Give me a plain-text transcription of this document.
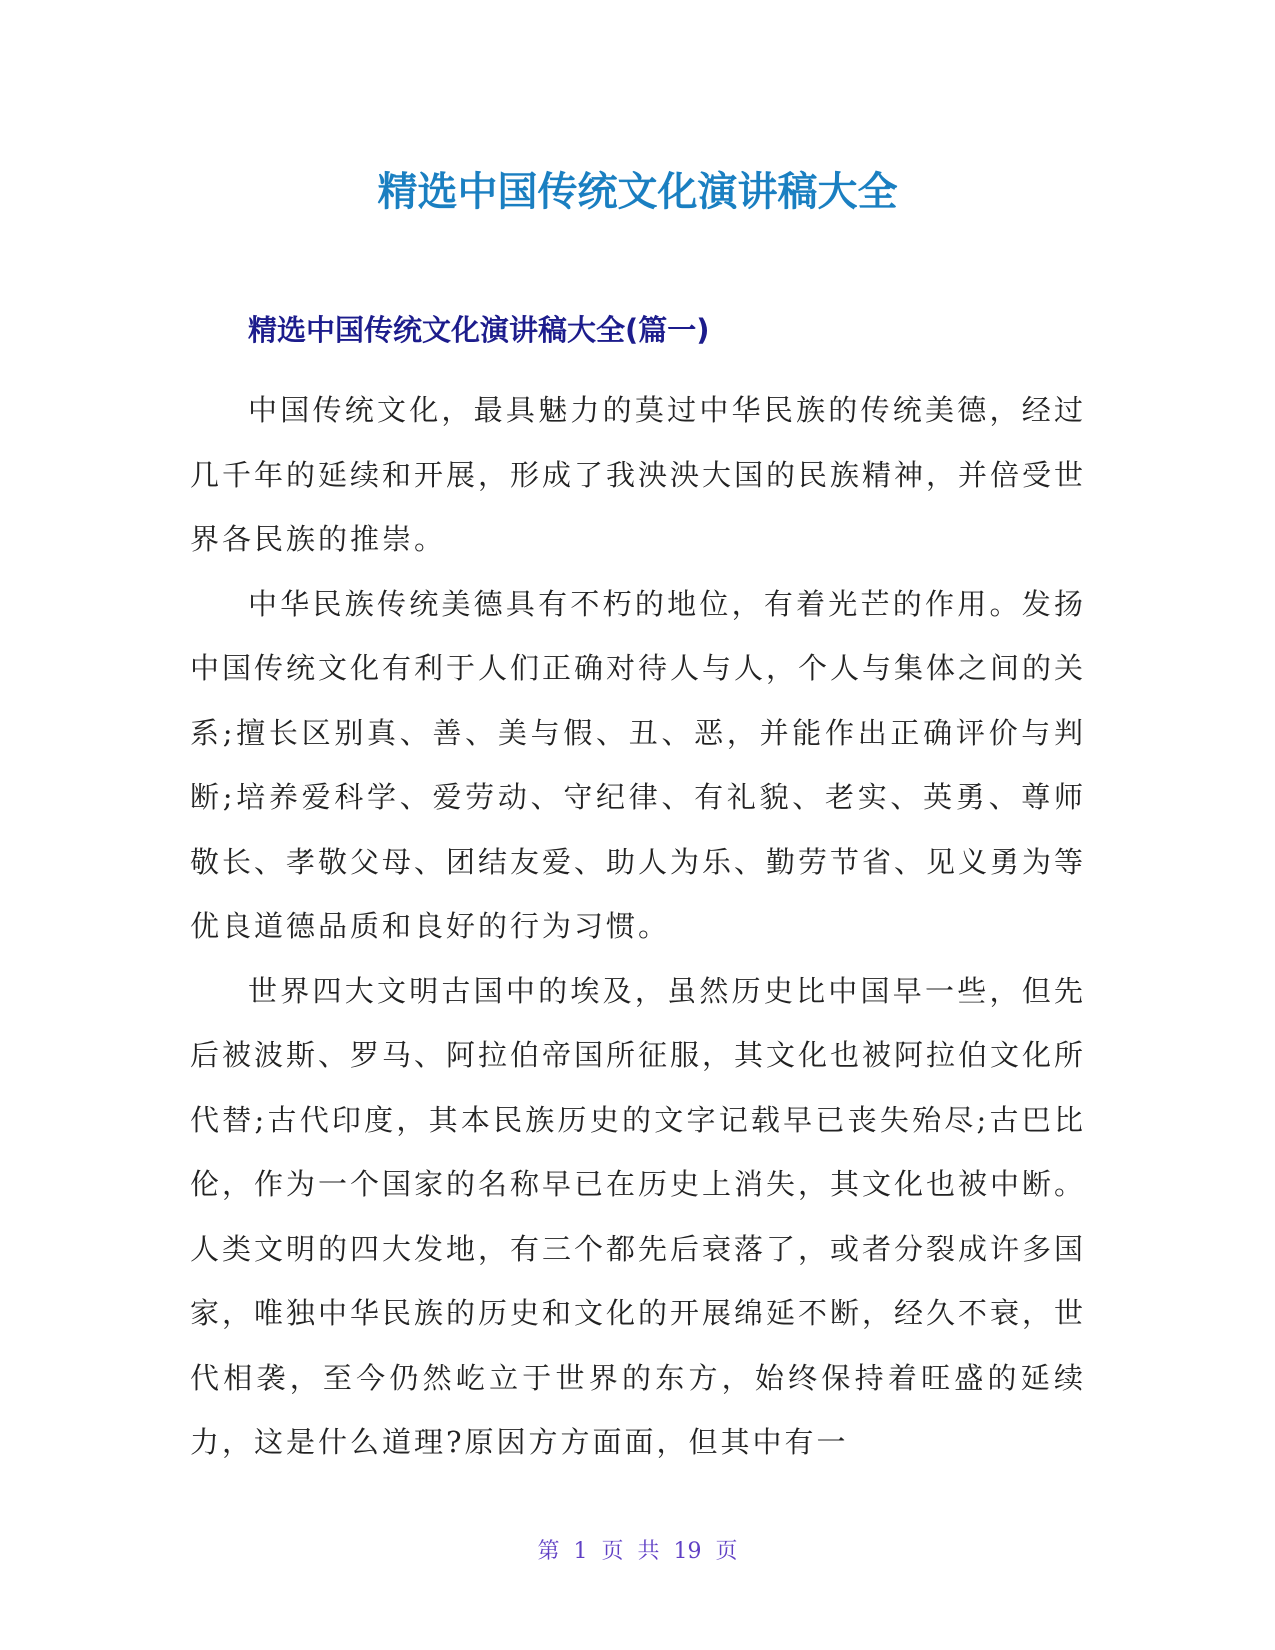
精选中国传统文化演讲稿大全
精选中国传统文化演讲稿大全(篇一)

中国传统文化，最具魅力的莫过中华民族的传统美德，经过几千年的延续和开展，形成了我泱泱大国的民族精神，并倍受世界各民族的推崇。

中华民族传统美德具有不朽的地位，有着光芒的作用。发扬中国传统文化有利于人们正确对待人与人，个人与集体之间的关系;擅长区别真、善、美与假、丑、恶，并能作出正确评价与判断;培养爱科学、爱劳动、守纪律、有礼貌、老实、英勇、尊师敬长、孝敬父母、团结友爱、助人为乐、勤劳节省、见义勇为等优良道德品质和良好的行为习惯。

世界四大文明古国中的埃及，虽然历史比中国早一些，但先后被波斯、罗马、阿拉伯帝国所征服，其文化也被阿拉伯文化所代替;古代印度，其本民族历史的文字记载早已丧失殆尽;古巴比伦，作为一个国家的名称早已在历史上消失，其文化也被中断。人类文明的四大发地，有三个都先后衰落了，或者分裂成许多国家，唯独中华民族的历史和文化的开展绵延不断，经久不衰，世代相袭，至今仍然屹立于世界的东方，始终保持着旺盛的延续力，这是什么道理?原因方方面面，但其中有一

第  1  页  共  19  页
